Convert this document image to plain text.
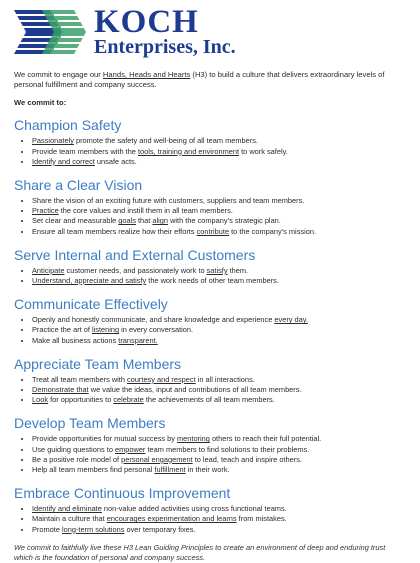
KOCH
Enterprises, Inc.

We commit to engage our Hands, Heads and Hearts (H3) to build a culture that delivers extraordinary levels of personal fulfillment and company success.

We commit to:

Champion Safety
• Passionately promote the safety and well-being of all team members.
• Provide team members with the tools, training and environment to work safely.
• Identify and correct unsafe acts.
Share a Clear Vision
• Share the vision of an exciting future with customers, suppliers and team members.
• Practice the core values and instill them in all team members.
• Set clear and measurable goals that align with the company’s strategic plan.
• Ensure all team members realize how their efforts contribute to the company’s mission.
Serve Internal and External Customers
• Anticipate customer needs, and passionately work to satisfy them.
• Understand, appreciate and satisfy the work needs of other team members.
Communicate Effectively
• Openly and honestly communicate, and share knowledge and experience every day.
• Practice the art of listening in every conversation.
• Make all business actions transparent.
Appreciate Team Members
• Treat all team members with courtesy and respect in all interactions.
• Demonstrate that we value the ideas, input and contributions of all team members.
• Look for opportunities to celebrate the achievements of all team members.
Develop Team Members
• Provide opportunities for mutual success by mentoring others to reach their full potential.
• Use guiding questions to empower team members to find solutions to their problems.
• Be a positive role model of personal engagement to lead, teach and inspire others.
• Help all team members find personal fulfillment in their work.
Embrace Continuous Improvement
• Identify and eliminate non-value added activities using cross functional teams.
• Maintain a culture that encourages experimentation and learns from mistakes.
• Promote long-term solutions over temporary fixes.

We commit to faithfully live these H3 Lean Guiding Principles to create an environment of deep and enduring trust which is the foundation of personal and company success.
